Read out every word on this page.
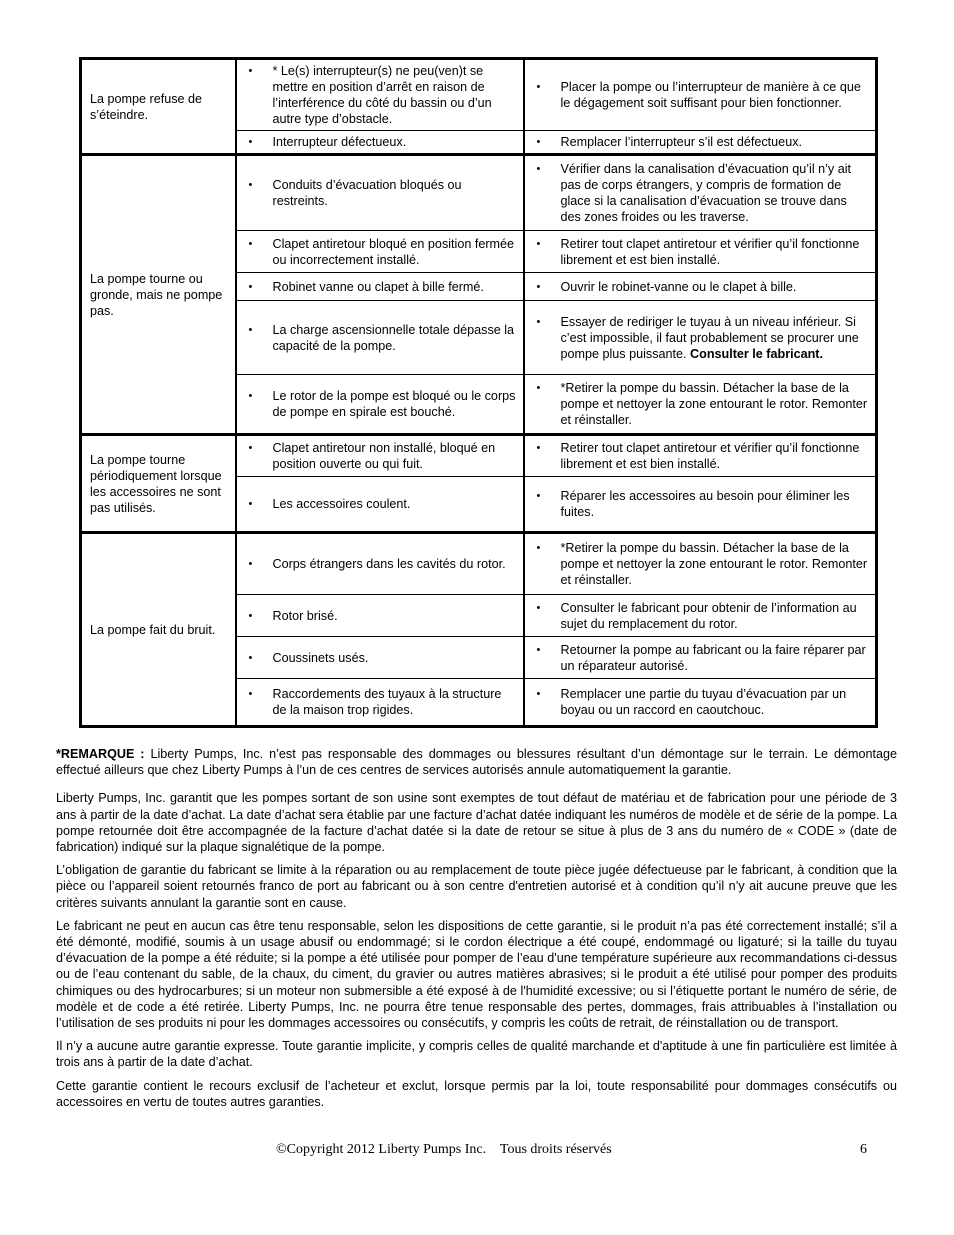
La pompe refuse de s’éteindre.	• * Le(s) interrupteur(s) ne peu(ven)t se mettre en position d’arrêt en raison de l’interférence du côté du bassin ou d’un autre type d’obstacle.	• Placer la pompe ou l’interrupteur de manière à ce que le dégagement soit suffisant pour bien fonctionner.

	• Interrupteur défectueux.	• Remplacer l’interrupteur s’il est défectueux.

La pompe tourne ou gronde, mais ne pompe pas.	• Conduits d’évacuation bloqués ou restreints.	• Vérifier dans la canalisation d’évacuation qu’il n’y ait pas de corps étrangers, y compris de formation de glace si la canalisation d’évacuation se trouve dans des zones froides ou les traverse.

	• Clapet antiretour bloqué en position fermée ou incorrectement installé.	• Retirer tout clapet antiretour et vérifier qu’il fonctionne librement et est bien installé.

	• Robinet vanne ou clapet à bille fermé.	• Ouvrir le robinet-vanne ou le clapet à bille.

	• La charge ascensionnelle totale dépasse la capacité de la pompe.	• Essayer de rediriger le tuyau à un niveau inférieur. Si c’est impossible, il faut probablement se procurer une pompe plus puissante. Consulter le fabricant.

	• Le rotor de la pompe est bloqué ou le corps de pompe en spirale est bouché.	• *Retirer la pompe du bassin. Détacher la base de la pompe et nettoyer la zone entourant le rotor. Remonter et réinstaller.

La pompe tourne périodiquement lorsque les accessoires ne sont pas utilisés.	• Clapet antiretour non installé, bloqué en position ouverte ou qui fuit.	• Retirer tout clapet antiretour et vérifier qu’il fonctionne librement et est bien installé.

	• Les accessoires coulent.	• Réparer les accessoires au besoin pour éliminer les fuites.

La pompe fait du bruit.	• Corps étrangers dans les cavités du rotor.	• *Retirer la pompe du bassin. Détacher la base de la pompe et nettoyer la zone entourant le rotor. Remonter et réinstaller.

	• Rotor brisé.	• Consulter le fabricant pour obtenir de l’information au sujet du remplacement du rotor.

	• Coussinets usés.	• Retourner la pompe au fabricant ou la faire réparer par un réparateur autorisé.

	• Raccordements des tuyaux à la structure de la maison trop rigides.	• Remplacer une partie du tuyau d’évacuation par un boyau ou un raccord en caoutchouc.

*REMARQUE : Liberty Pumps, Inc. n’est pas responsable des dommages ou blessures résultant d’un démontage sur le terrain. Le démontage effectué ailleurs que chez Liberty Pumps à l’un de ces centres de services autorisés annule automatiquement la garantie.

Liberty Pumps, Inc. garantit que les pompes sortant de son usine sont exemptes de tout défaut de matériau et de fabrication pour une période de 3 ans à partir de la date d’achat. La date d’achat sera établie par une facture d’achat datée indiquant les numéros de modèle et de série de la pompe. La pompe retournée doit être accompagnée de la facture d’achat datée si la date de retour se situe à plus de 3 ans du numéro de « CODE » (date de fabrication) indiqué sur la plaque signalétique de la pompe.

L’obligation de garantie du fabricant se limite à la réparation ou au remplacement de toute pièce jugée défectueuse par le fabricant, à condition que la pièce ou l’appareil soient retournés franco de port au fabricant ou à son centre d'entretien autorisé et à condition qu’il n’y ait aucune preuve que les critères suivants annulant la garantie sont en cause.

Le fabricant ne peut en aucun cas être tenu responsable, selon les dispositions de cette garantie, si le produit n’a pas été correctement installé; s’il a été démonté, modifié, soumis à un usage abusif ou endommagé; si le cordon électrique a été coupé, endommagé ou ligaturé; si la taille du tuyau d’évacuation de la pompe a été réduite; si la pompe a été utilisée pour pomper de l’eau d'une température supérieure aux recommandations ci-dessus ou de l’eau contenant du sable, de la chaux, du ciment, du gravier ou autres matières abrasives; si le produit a été utilisé pour pomper des produits chimiques ou des hydrocarbures; si un moteur non submersible a été exposé à de l'humidité excessive; ou si l’étiquette portant le numéro de série, de modèle et de code a été retirée. Liberty Pumps, Inc. ne pourra être tenue responsable des pertes, dommages, frais attribuables à l’installation ou l’utilisation de ses produits ni pour les dommages accessoires ou consécutifs, y compris les coûts de retrait, de réinstallation ou de transport.

Il n’y a aucune autre garantie expresse. Toute garantie implicite, y compris celles de qualité marchande et d'aptitude à une fin particulière est limitée à trois ans à partir de la date d’achat.

Cette garantie contient le recours exclusif de l’acheteur et exclut, lorsque permis par la loi, toute responsabilité pour dommages consécutifs ou accessoires en vertu de toutes autres garanties.

©Copyright 2012 Liberty Pumps Inc.    Tous droits réservés	6
